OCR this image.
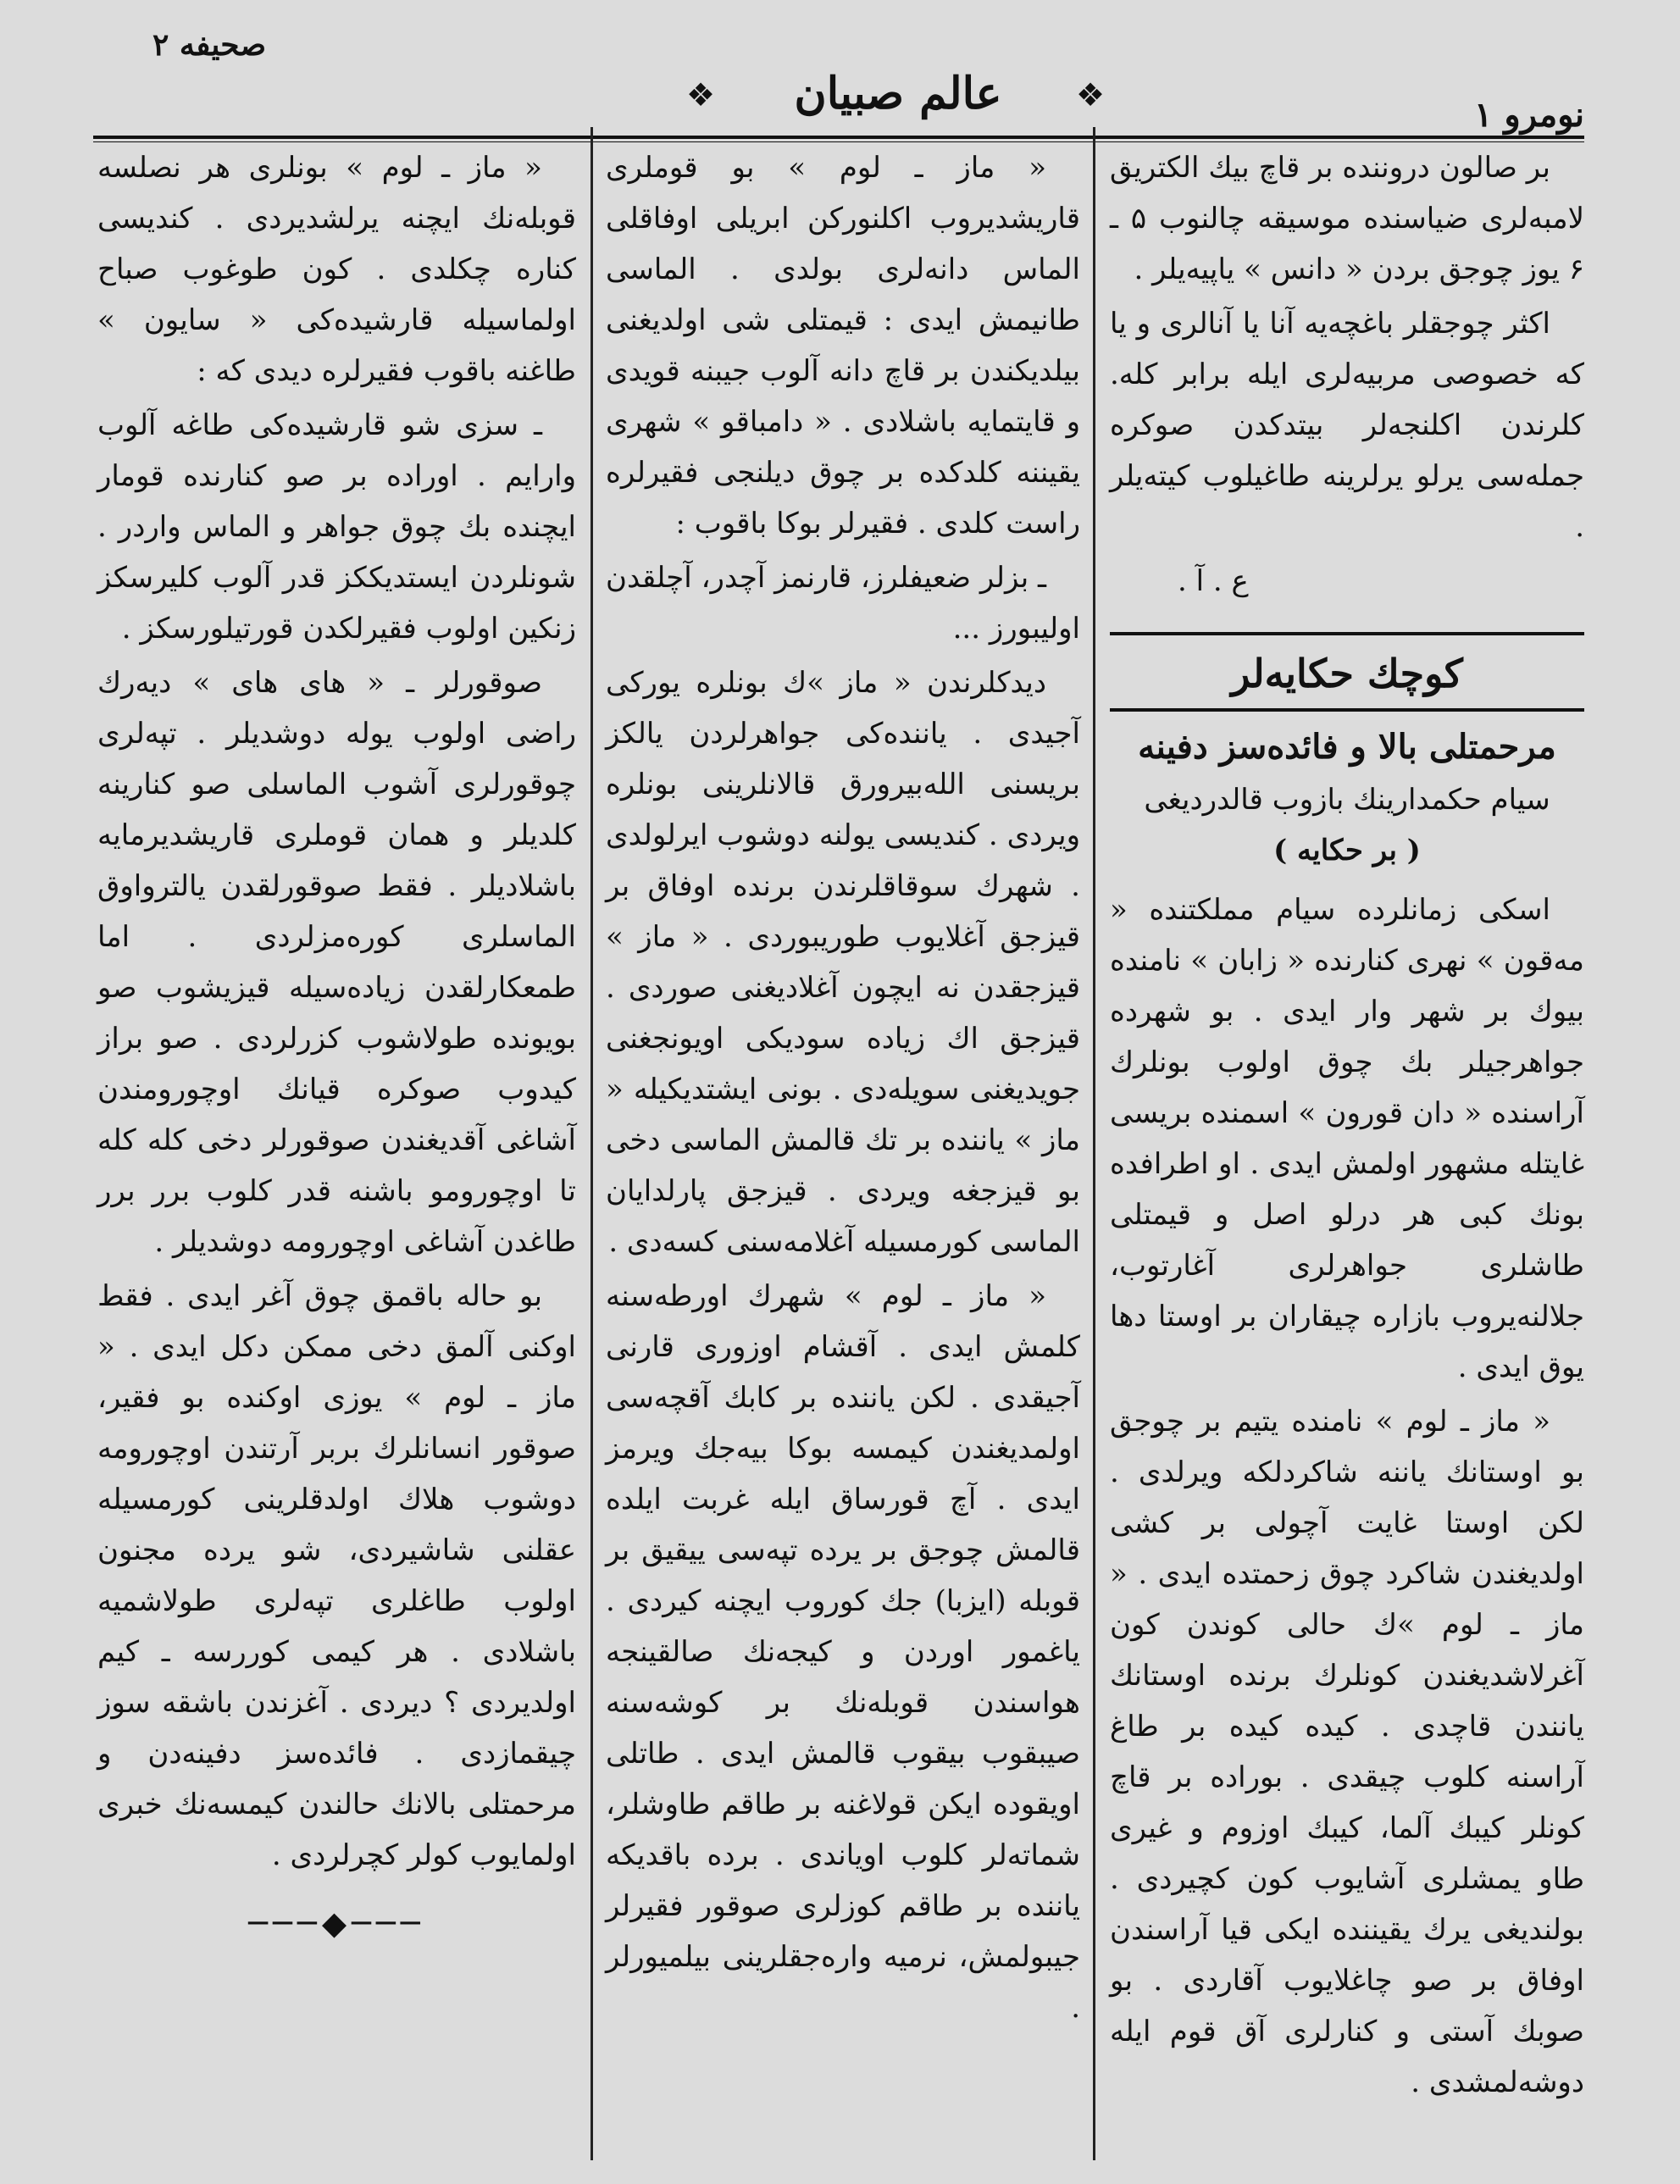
صحیفه ۲
❖	عالم صبیان	❖	نومرو ۱

بر صالون دروننده بر قاچ بیك الكتریق لامبه‌لری ضیاسنده موسیقه چالنوب ۵ ـ ۶ یوز چوجق بردن « دانس » یاپیه‌یلر .

اکثر چوجقلر باغچه‌یه آنا یا آنالری و یا که خصوصی مربیه‌لری ایله برابر کله. کلرندن اکلنجه‌لر بیتدکدن صوکره جمله‌سی یرلو یرلرینه طاغیلوب کیته‌یلر .

ع . آ .
کوچك حکایه‌لر
مرحمتلی بالا و فائده‌سز دفینه
سیام حکمدارینك بازوب قالدردیغی
( بر حکایه )

اسکی زمانلرده سیام مملکتنده « مه‌قون » نهری کنارنده « زابان » نامنده بیوك بر شهر وار ایدی . بو شهرده جواهرجیلر بك چوق اولوب بونلرك آراسنده « دان قورون » اسمنده بریسی غایتله مشهور اولمش ایدی . او اطرافده بونك کبی هر درلو اصل و قیمتلی طاشلری جواهرلری آغارتوب، جلالنه‌یروب بازاره چیقاران بر اوستا دها یوق ایدی .

« ماز ـ لوم » نامنده یتیم بر چوجق بو اوستانك یاننه شاکردلکه ویرلدی . لکن اوستا غایت آچولی بر کشی اولدیغندن شاکرد چوق زحمتده ایدی . « ماز ـ لوم »ك حالی کوندن کون آغرلاشدیغندن کونلرك برنده اوستانك یانندن قاچدی . کیده کیده بر طاغ آراسنه کلوب چیقدی . بوراده بر قاچ کونلر کیبك آلما، کیبك اوزوم و غیری طاو یمشلری آشایوب کون کچیردی . بولندیغی یرك یقیننده ایکی قیا آراسندن اوفاق بر صو چاغلایوب آقاردی . بو صوبك آستی و کنارلری آق قوم ایله دوشه‌لمشدی .

« ماز ـ لوم » بو قوملری قاریشدیروب اکلنورکن ابریلی اوفاقلی الماس دانه‌لری بولدی . الماسی طانیمش ایدی : قیمتلی شی اولدیغنی بیلدیکندن بر قاچ دانه آلوب جیبنه قویدی و قایتمایه باشلادی . « دامباقو » شهری یقیننه کلدکده بر چوق دیلنجی فقیرلره راست کلدی . فقیرلر بوکا باقوب :

ـ بزلر ضعیفلرز، قارنمز آچدر، آچلقدن اولیبورز ...

دیدکلرندن « ماز »ك بونلره یورکی آجیدی . یاننده‌کی جواهرلردن یالکز بریسنی الله‌بیرورق قالانلرینی بونلره ویردی . کندیسی یولنه دوشوب ایرلولدی . شهرك سوقاقلرندن برنده اوفاق بر قیزجق آغلایوب طوریبوردی . « ماز » قیزجقدن نه ایچون آغلادیغنی صوردی . قیزجق اك زیاده سودیکی اویونجغنی جویدیغنی سویله‌دی . بونی ایشتدیکیله « ماز » یاننده بر تك قالمش الماسی دخی بو قیزجغه ویردی . قیزجق پارلدایان الماسی کورمسیله آغلامه‌سنی کسه‌دی .

« ماز ـ لوم » شهرك اورطه‌سنه کلمش ایدی . آقشام اوزوری قارنی آجیقدی . لکن یاننده بر کابك آقچه‌سی اولمدیغندن کیمسه بوکا بیه‌جك ویرمز ایدی . آچ قورساق ایله غربت ایلده قالمش چوجق بر یرده تپه‌سی ییقیق بر قوبله (ایزبا) جك کوروب ایچنه کیردی . یاغمور اوردن و کیجه‌نك صالقینجه هواسندن قوبله‌نك بر کوشه‌سنه صیبقوب بیقوب قالمش ایدی . طاتلی اویقوده ایکن قولاغنه بر طاقم طاوشلر، شماته‌لر کلوب اویاندی . برده باقدیکه یاننده بر طاقم کوزلری صوقور فقیرلر جیبولمش، نرمیه واره‌جقلرینی بیلمیورلر .

« ماز ـ لوم » بونلری هر نصلسه قوبله‌نك ایچنه یرلشدیردی . کندیسی کناره چکلدی . کون طوغوب صباح اولماسیله قارشیده‌کی « سایون » طاغنه باقوب فقیرلره دیدی که :

ـ سزی شو قارشیده‌کی طاغه آلوب وارایم . اوراده بر صو کنارنده قومار ایچنده بك چوق جواهر و الماس واردر . شونلردن ایستدیککز قدر آلوب کلیرسکز زنکین اولوب فقیرلکدن قورتیلورسکز .

صوقورلر ـ « های های » دیه‌رك راضی اولوب یوله دوشدیلر . تپه‌لری چوقورلری آشوب الماسلی صو کنارینه کلدیلر و همان قوملری قاریشدیرمایه باشلادیلر . فقط صوقورلقدن یالترواوق الماسلری کوره‌مزلردی . اما طمعکارلقدن زیاده‌سیله قیزیشوب صو بویونده طولاشوب کزرلردی . صو براز کیدوب صوکره قیانك اوچورومندن آشاغی آقدیغندن صوقورلر دخی کله کله تا اوچورومو باشنه قدر کلوب برر برر طاغدن آشاغی اوچورومه دوشدیلر .

بو حاله باقمق چوق آغر ایدی . فقط اوکنی آلمق دخی ممکن دکل ایدی . « ماز ـ لوم » یوزی اوکنده بو فقیر، صوقور انسانلرك بربر آرتندن اوچورومه دوشوب هلاك اولدقلرینی کورمسیله عقلنی شاشیردی، شو یرده مجنون اولوب طاغلری تپه‌لری طولاشمیه باشلادی . هر کیمی کوررسه ـ کیم اولدیردی ؟ دیردی . آغزندن باشقه سوز چیقمازدی . فائده‌سز دفینه‌دن و مرحمتلی بالانك حالندن کیمسه‌نك خبری اولمایوب کولر کچرلردی .

───◆───
